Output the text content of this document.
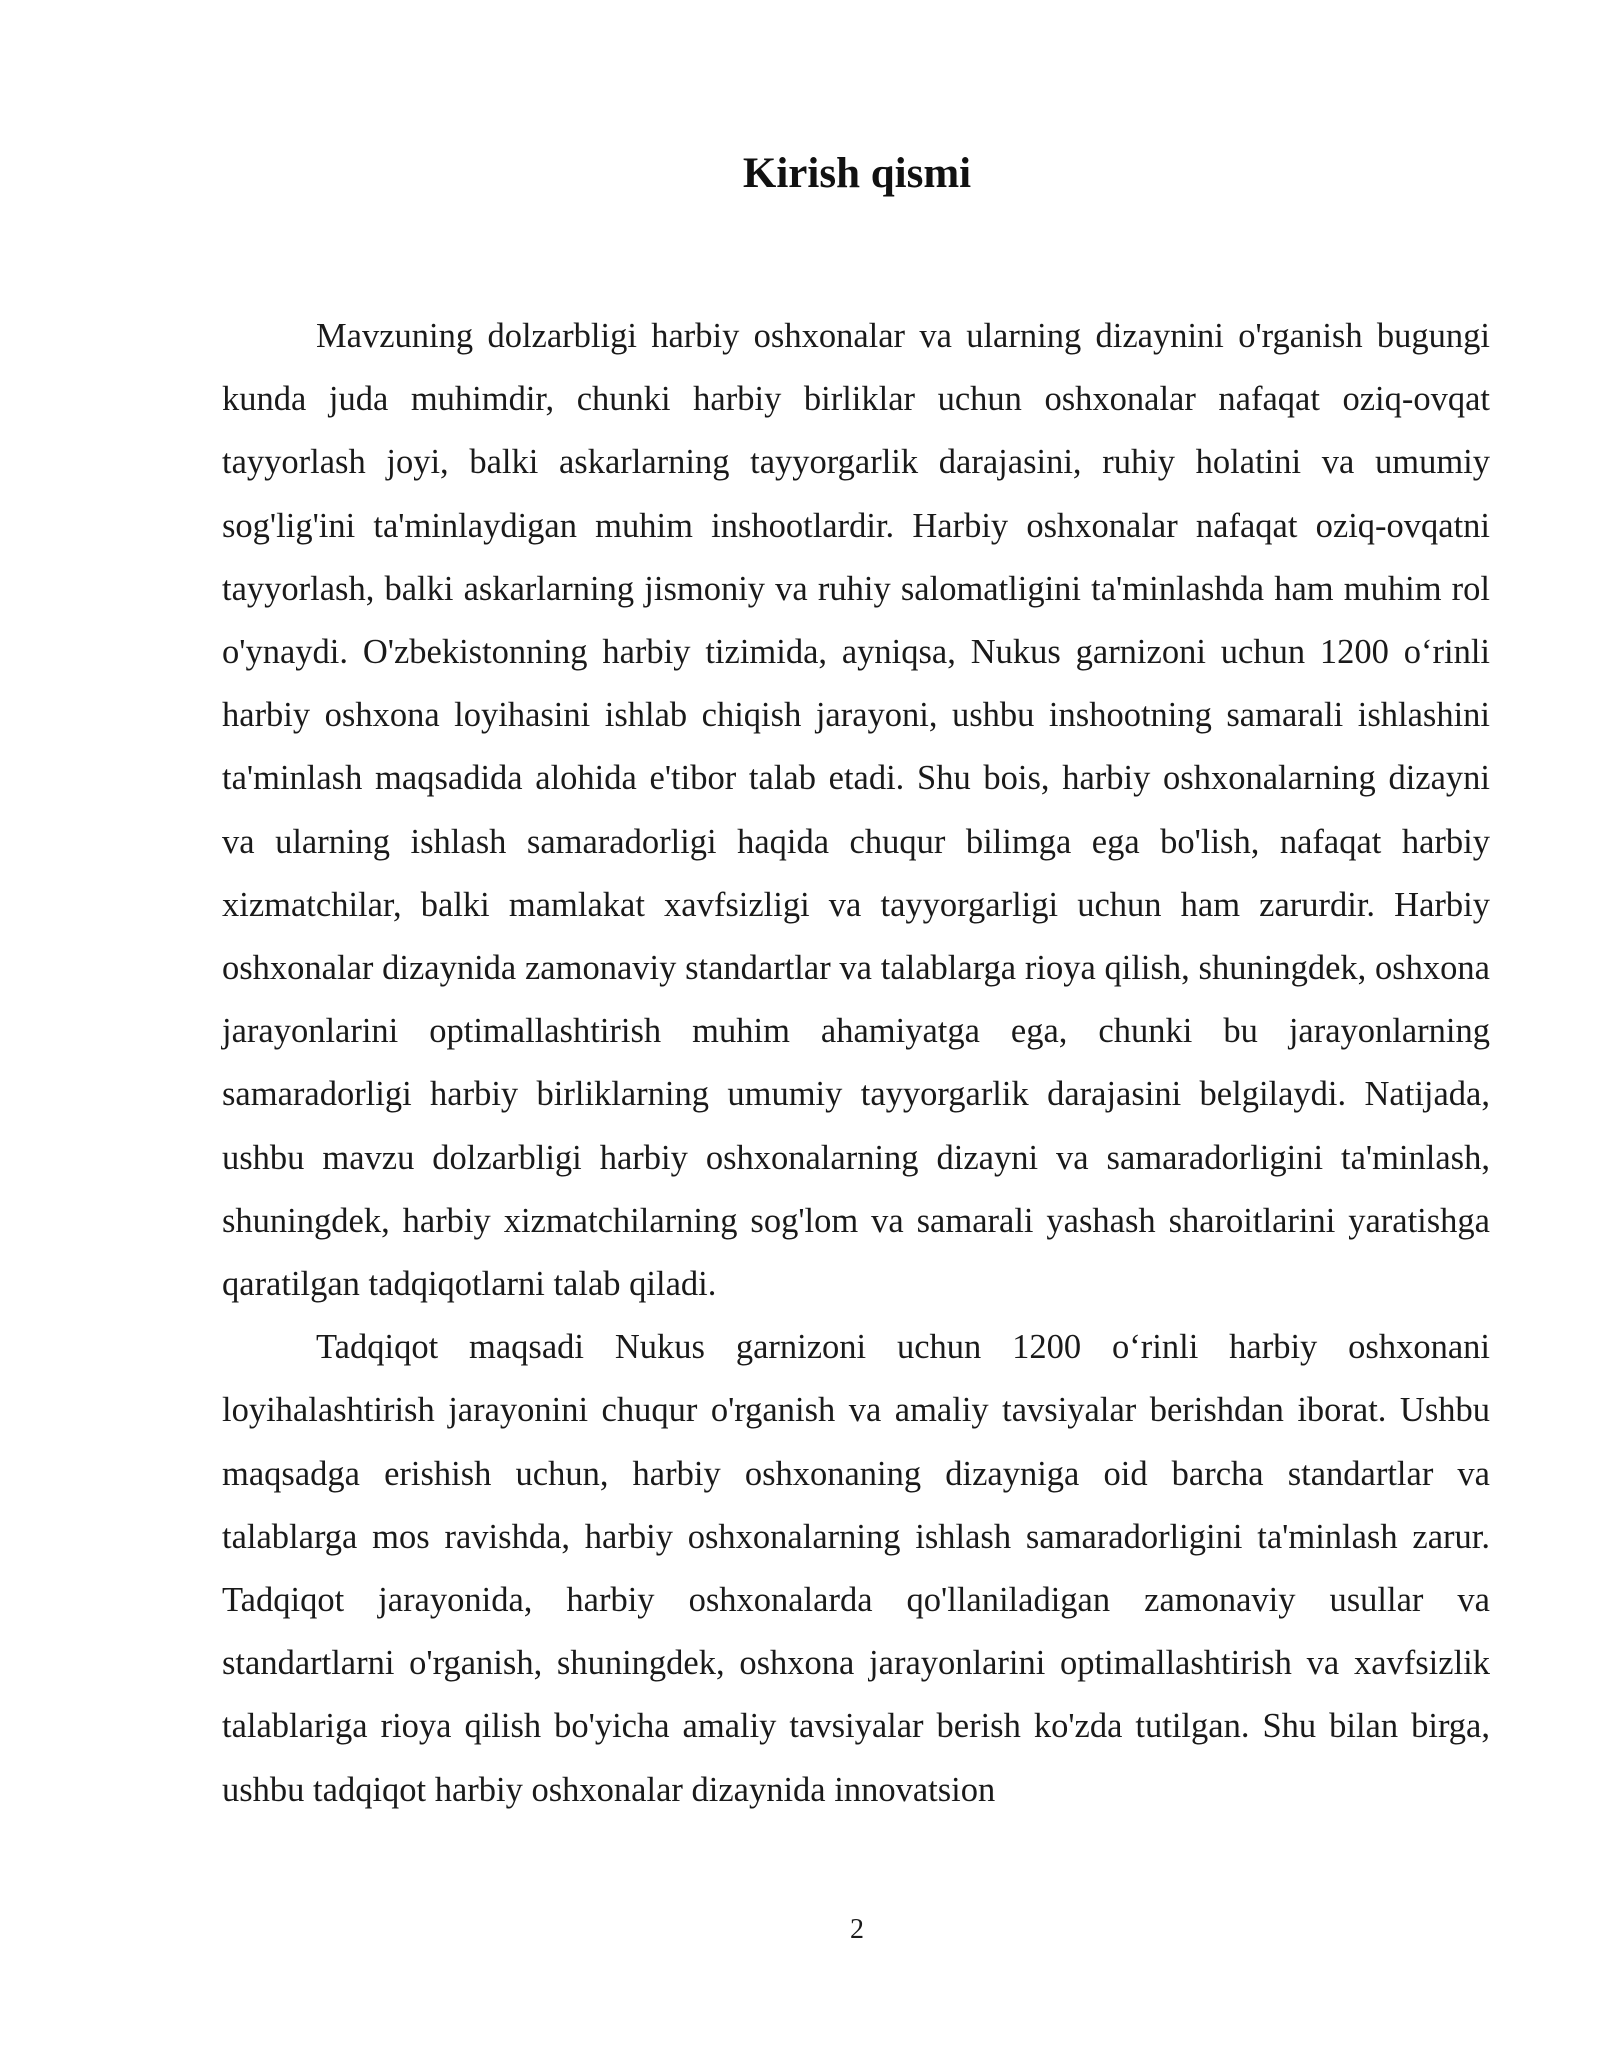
Kirish qismi

Mavzuning dolzarbligi harbiy oshxonalar va ularning dizaynini o'rganish bugungi kunda juda muhimdir, chunki harbiy birliklar uchun oshxonalar nafaqat oziq-ovqat tayyorlash joyi, balki askarlarning tayyorgarlik darajasini, ruhiy holatini va umumiy sog'lig'ini ta'minlaydigan muhim inshootlardir. Harbiy oshxonalar nafaqat oziq-ovqatni tayyorlash, balki askarlarning jismoniy va ruhiy salomatligini ta'minlashda ham muhim rol o'ynaydi. O'zbekistonning harbiy tizimida, ayniqsa, Nukus garnizoni uchun 1200 o‘rinli harbiy oshxona loyihasini ishlab chiqish jarayoni, ushbu inshootning samarali ishlashini ta'minlash maqsadida alohida e'tibor talab etadi. Shu bois, harbiy oshxonalarning dizayni va ularning ishlash samaradorligi haqida chuqur bilimga ega bo'lish, nafaqat harbiy xizmatchilar, balki mamlakat xavfsizligi va tayyorgarligi uchun ham zarurdir. Harbiy oshxonalar dizaynida zamonaviy standartlar va talablarga rioya qilish, shuningdek, oshxona jarayonlarini optimallashtirish muhim ahamiyatga ega, chunki bu jarayonlarning samaradorligi harbiy birliklarning umumiy tayyorgarlik darajasini belgilaydi. Natijada, ushbu mavzu dolzarbligi harbiy oshxonalarning dizayni va samaradorligini ta'minlash, shuningdek, harbiy xizmatchilarning sog'lom va samarali yashash sharoitlarini yaratishga qaratilgan tadqiqotlarni talab qiladi.

Tadqiqot maqsadi Nukus garnizoni uchun 1200 o‘rinli harbiy oshxonani loyihalashtirish jarayonini chuqur o'rganish va amaliy tavsiyalar berishdan iborat. Ushbu maqsadga erishish uchun, harbiy oshxonaning dizayniga oid barcha standartlar va talablarga mos ravishda, harbiy oshxonalarning ishlash samaradorligini ta'minlash zarur. Tadqiqot jarayonida, harbiy oshxonalarda qo'llaniladigan zamonaviy usullar va standartlarni o'rganish, shuningdek, oshxona jarayonlarini optimallashtirish va xavfsizlik talablariga rioya qilish bo'yicha amaliy tavsiyalar berish ko'zda tutilgan. Shu bilan birga, ushbu tadqiqot harbiy oshxonalar dizaynida innovatsion

2
